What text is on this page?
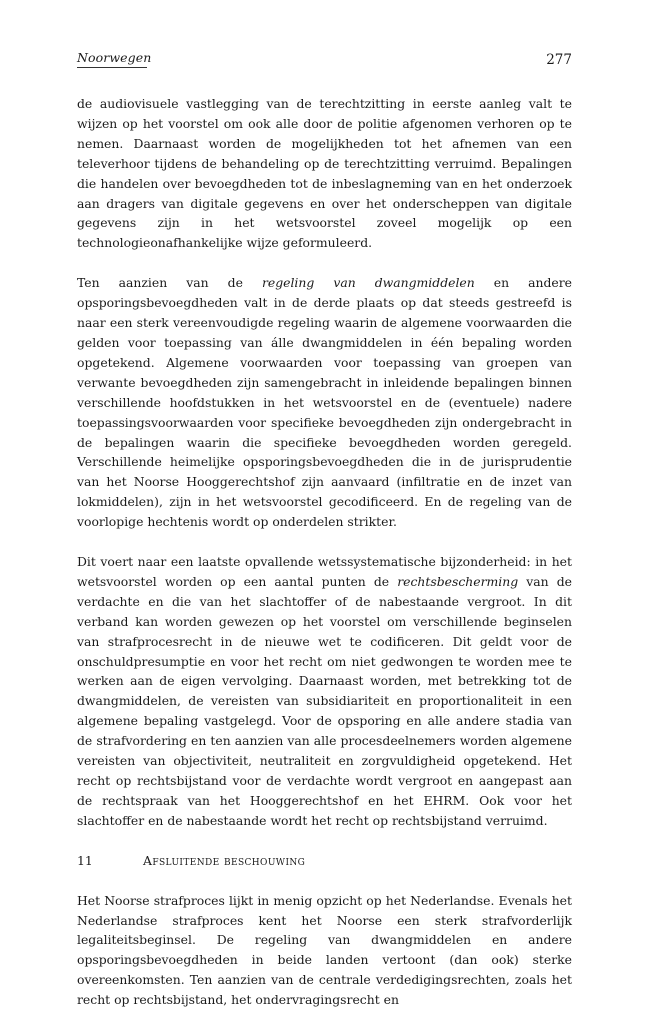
Noorwegen	277

de audiovisuele vastlegging van de terechtzitting in eerste aanleg valt te wijzen op het voorstel om ook alle door de politie afgenomen verhoren op te nemen. Daarnaast worden de mogelijkheden tot het afnemen van een televerhoor tijdens de behandeling op de terechtzitting verruimd. Bepalingen die handelen over bevoegdheden tot de inbeslagneming van en het onderzoek aan dragers van digitale gegevens en over het onderscheppen van digitale gegevens zijn in het wetsvoorstel zoveel mogelijk op een technologieonafhankelijke wijze geformuleerd.

Ten aanzien van de regeling van dwangmiddelen en andere opsporingsbevoegdheden valt in de derde plaats op dat steeds gestreefd is naar een sterk vereenvoudigde regeling waarin de algemene voorwaarden die gelden voor toepassing van álle dwangmiddelen in één bepaling worden opgetekend. Algemene voorwaarden voor toepassing van groepen van verwante bevoegdheden zijn samengebracht in inleidende bepalingen binnen verschillende hoofdstukken in het wetsvoorstel en de (eventuele) nadere toepassingsvoorwaarden voor specifieke bevoegdheden zijn ondergebracht in de bepalingen waarin die specifieke bevoegdheden worden geregeld. Verschillende heimelijke opsporingsbevoegdheden die in de jurisprudentie van het Noorse Hooggerechtshof zijn aanvaard (infiltratie en de inzet van lokmiddelen), zijn in het wetsvoorstel gecodificeerd. En de regeling van de voorlopige hechtenis wordt op onderdelen strikter.

Dit voert naar een laatste opvallende wetssystematische bijzonderheid: in het wetsvoorstel worden op een aantal punten de rechtsbescherming van de verdachte en die van het slachtoffer of de nabestaande vergroot. In dit verband kan worden gewezen op het voorstel om verschillende beginselen van strafprocesrecht in de nieuwe wet te codificeren. Dit geldt voor de onschuldpresumptie en voor het recht om niet gedwongen te worden mee te werken aan de eigen vervolging. Daarnaast worden, met betrekking tot de dwangmiddelen, de vereisten van subsidiariteit en proportionaliteit in een algemene bepaling vastgelegd. Voor de opsporing en alle andere stadia van de strafvordering en ten aanzien van alle procesdeelnemers worden algemene vereisten van objectiviteit, neutraliteit en zorgvuldigheid opgetekend. Het recht op rechtsbijstand voor de verdachte wordt vergroot en aangepast aan de rechtspraak van het Hooggerechtshof en het EHRM. Ook voor het slachtoffer en de nabestaande wordt het recht op rechtsbijstand verruimd.

11	Afsluitende beschouwing

Het Noorse strafproces lijkt in menig opzicht op het Nederlandse. Evenals het Nederlandse strafproces kent het Noorse een sterk strafvorderlijk legaliteitsbeginsel. De regeling van dwangmiddelen en andere opsporingsbevoegdheden in beide landen vertoont (dan ook) sterke overeenkomsten. Ten aanzien van de centrale verdedigingsrechten, zoals het recht op rechtsbijstand, het ondervragingsrecht en
